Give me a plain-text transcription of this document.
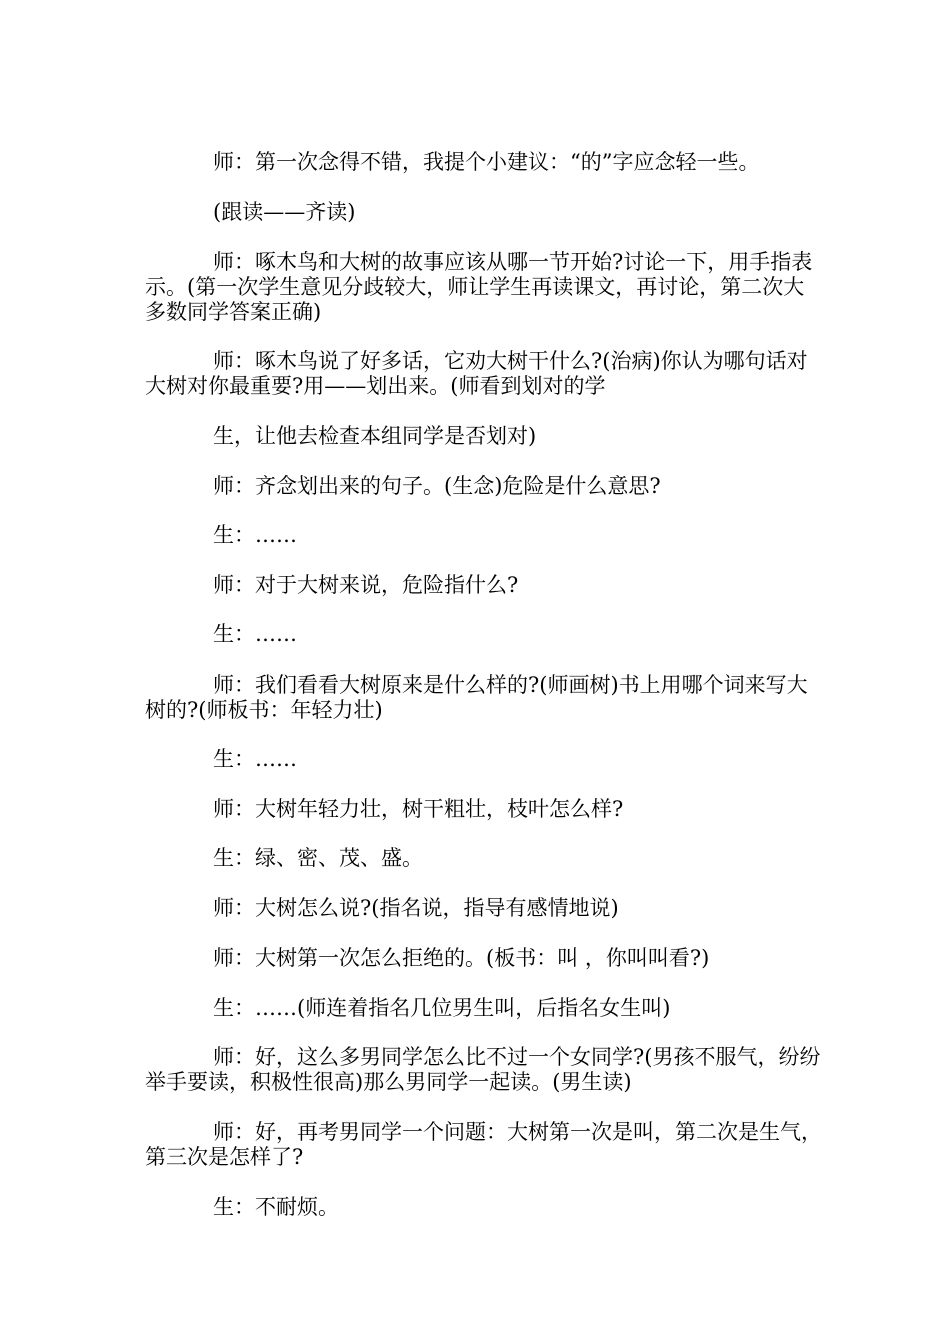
师：第一次念得不错，我提个小建议：“的”字应念轻一些。

(跟读——齐读)

师：啄木鸟和大树的故事应该从哪一节开始?讨论一下，用手指表示。(第一次学生意见分歧较大，师让学生再读课文，再讨论，第二次大多数同学答案正确)

师：啄木鸟说了好多话，它劝大树干什么?(治病)你认为哪句话对大树对你最重要?用——划出来。(师看到划对的学

生，让他去检查本组同学是否划对)

师：齐念划出来的句子。(生念)危险是什么意思?

生：……

师：对于大树来说，危险指什么?

生：……

师：我们看看大树原来是什么样的?(师画树)书上用哪个词来写大树的?(师板书：年轻力壮)

生：……

师：大树年轻力壮，树干粗壮，枝叶怎么样?

生：绿、密、茂、盛。

师：大树怎么说?(指名说，指导有感情地说)

师：大树第一次怎么拒绝的。(板书：叫 ，你叫叫看?)

生：……(师连着指名几位男生叫，后指名女生叫)

师：好，这么多男同学怎么比不过一个女同学?(男孩不服气，纷纷举手要读，积极性很高)那么男同学一起读。(男生读)

师：好，再考男同学一个问题：大树第一次是叫，第二次是生气，第三次是怎样了?

生：不耐烦。
